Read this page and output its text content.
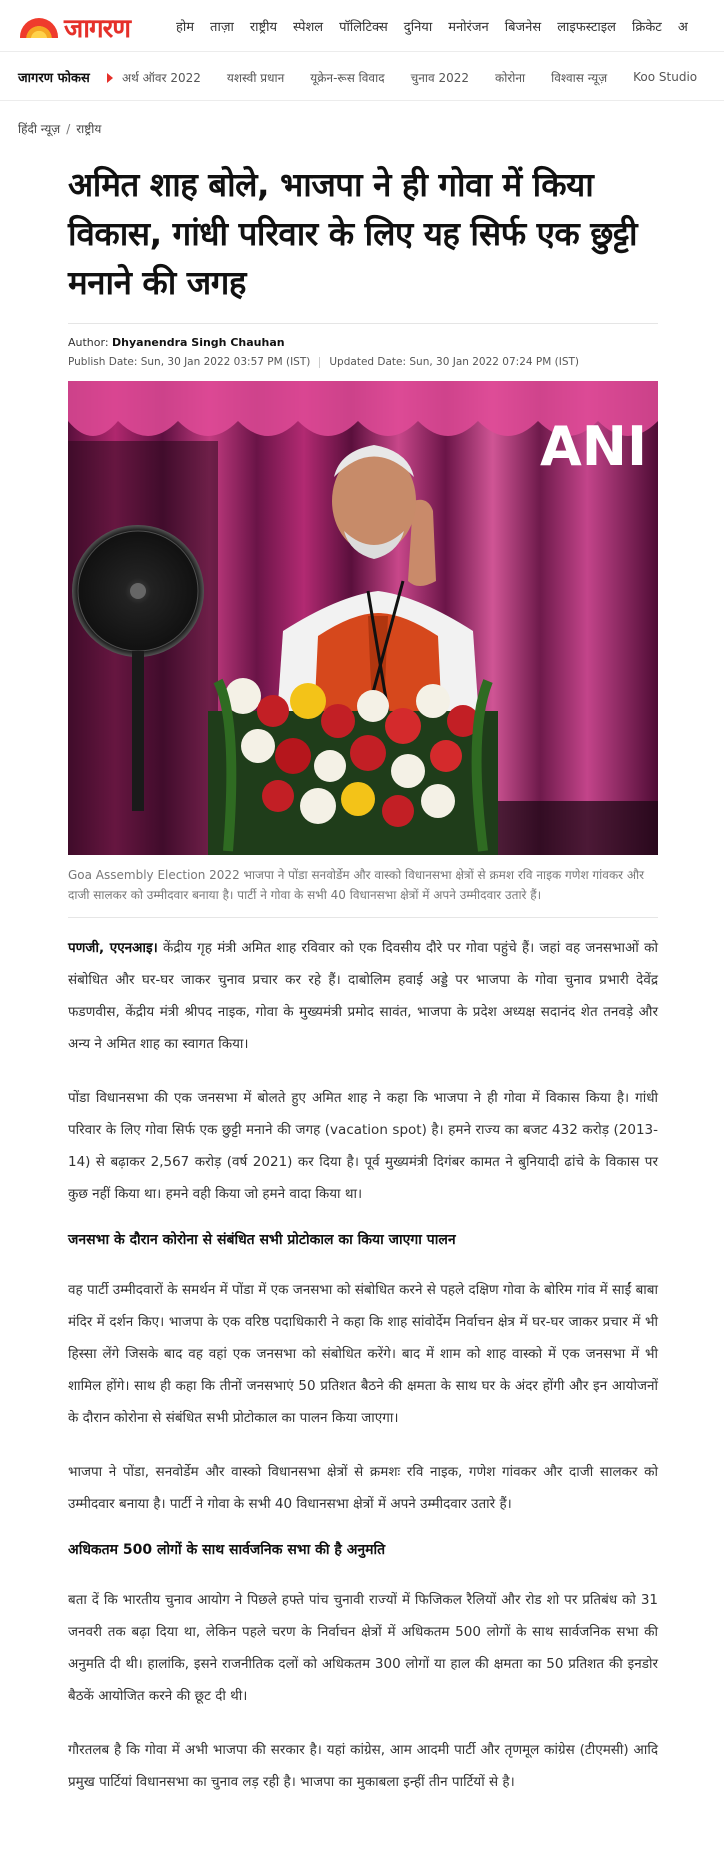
जागरण	होम ताज़ा राष्ट्रीय स्पेशल पॉलिटिक्स दुनिया मनोरंजन बिजनेस लाइफस्टाइल क्रिकेट अ
जागरण फोकस	अर्थ ऑवर 2022 यशस्वी प्रधान यूक्रेन-रूस विवाद चुनाव 2022 कोरोना विश्वास न्यूज़ Koo Studio
हिंदी न्यूज़ / राष्ट्रीय
अमित शाह बोले, भाजपा ने ही गोवा में किया विकास, गांधी परिवार के लिए यह सिर्फ एक छुट्टी मनाने की जगह
Author: Dhyanendra Singh Chauhan
Publish Date: Sun, 30 Jan 2022 03:57 PM (IST) Updated Date: Sun, 30 Jan 2022 07:24 PM (IST)
ANI

Goa Assembly Election 2022 भाजपा ने पोंडा सनवोर्डेम और वास्को विधानसभा क्षेत्रों से क्रमश रवि नाइक गणेश गांवकर और दाजी सालकर को उम्मीदवार बनाया है। पार्टी ने गोवा के सभी 40 विधानसभा क्षेत्रों में अपने उम्मीदवार उतारे हैं।

पणजी, एएनआइ। केंद्रीय गृह मंत्री अमित शाह रविवार को एक दिवसीय दौरे पर गोवा पहुंचे हैं। जहां वह जनसभाओं को संबोधित और घर-घर जाकर चुनाव प्रचार कर रहे हैं। दाबोलिम हवाई अड्डे पर भाजपा के गोवा चुनाव प्रभारी देवेंद्र फडणवीस, केंद्रीय मंत्री श्रीपद नाइक, गोवा के मुख्यमंत्री प्रमोद सावंत, भाजपा के प्रदेश अध्यक्ष सदानंद शेत तनवड़े और अन्य ने अमित शाह का स्वागत किया।

पोंडा विधानसभा की एक जनसभा में बोलते हुए अमित शाह ने कहा कि भाजपा ने ही गोवा में विकास किया है। गांधी परिवार के लिए गोवा सिर्फ एक छुट्टी मनाने की जगह (vacation spot) है। हमने राज्य का बजट 432 करोड़ (2013-14) से बढ़ाकर 2,567 करोड़ (वर्ष 2021) कर दिया है। पूर्व मुख्यमंत्री दिगंबर कामत ने बुनियादी ढांचे के विकास पर कुछ नहीं किया था। हमने वही किया जो हमने वादा किया था।

जनसभा के दौरान कोरोना से संबंधित सभी प्रोटोकाल का किया जाएगा पालन

वह पार्टी उम्मीदवारों के समर्थन में पोंडा में एक जनसभा को संबोधित करने से पहले दक्षिण गोवा के बोरिम गांव में साईं बाबा मंदिर में दर्शन किए। भाजपा के एक वरिष्ठ पदाधिकारी ने कहा कि शाह सांवोर्देम निर्वाचन क्षेत्र में घर-घर जाकर प्रचार में भी हिस्सा लेंगे जिसके बाद वह वहां एक जनसभा को संबोधित करेंगे। बाद में शाम को शाह वास्को में एक जनसभा में भी शामिल होंगे। साथ ही कहा कि तीनों जनसभाएं 50 प्रतिशत बैठने की क्षमता के साथ घर के अंदर होंगी और इन आयोजनों के दौरान कोरोना से संबंधित सभी प्रोटोकाल का पालन किया जाएगा।

भाजपा ने पोंडा, सनवोर्डेम और वास्को विधानसभा क्षेत्रों से क्रमशः रवि नाइक, गणेश गांवकर और दाजी सालकर को उम्मीदवार बनाया है। पार्टी ने गोवा के सभी 40 विधानसभा क्षेत्रों में अपने उम्मीदवार उतारे हैं।

अधिकतम 500 लोगों के साथ सार्वजनिक सभा की है अनुमति

बता दें कि भारतीय चुनाव आयोग ने पिछले हफ्ते पांच चुनावी राज्यों में फिजिकल रैलियों और रोड शो पर प्रतिबंध को 31 जनवरी तक बढ़ा दिया था, लेकिन पहले चरण के निर्वाचन क्षेत्रों में अधिकतम 500 लोगों के साथ सार्वजनिक सभा की अनुमति दी थी। हालांकि, इसने राजनीतिक दलों को अधिकतम 300 लोगों या हाल की क्षमता का 50 प्रतिशत की इनडोर बैठकें आयोजित करने की छूट दी थी।

गौरतलब है कि गोवा में अभी भाजपा की सरकार है। यहां कांग्रेस, आम आदमी पार्टी और तृणमूल कांग्रेस (टीएमसी) आदि प्रमुख पार्टियां विधानसभा का चुनाव लड़ रही है। भाजपा का मुकाबला इन्हीं तीन पार्टियों से है।
